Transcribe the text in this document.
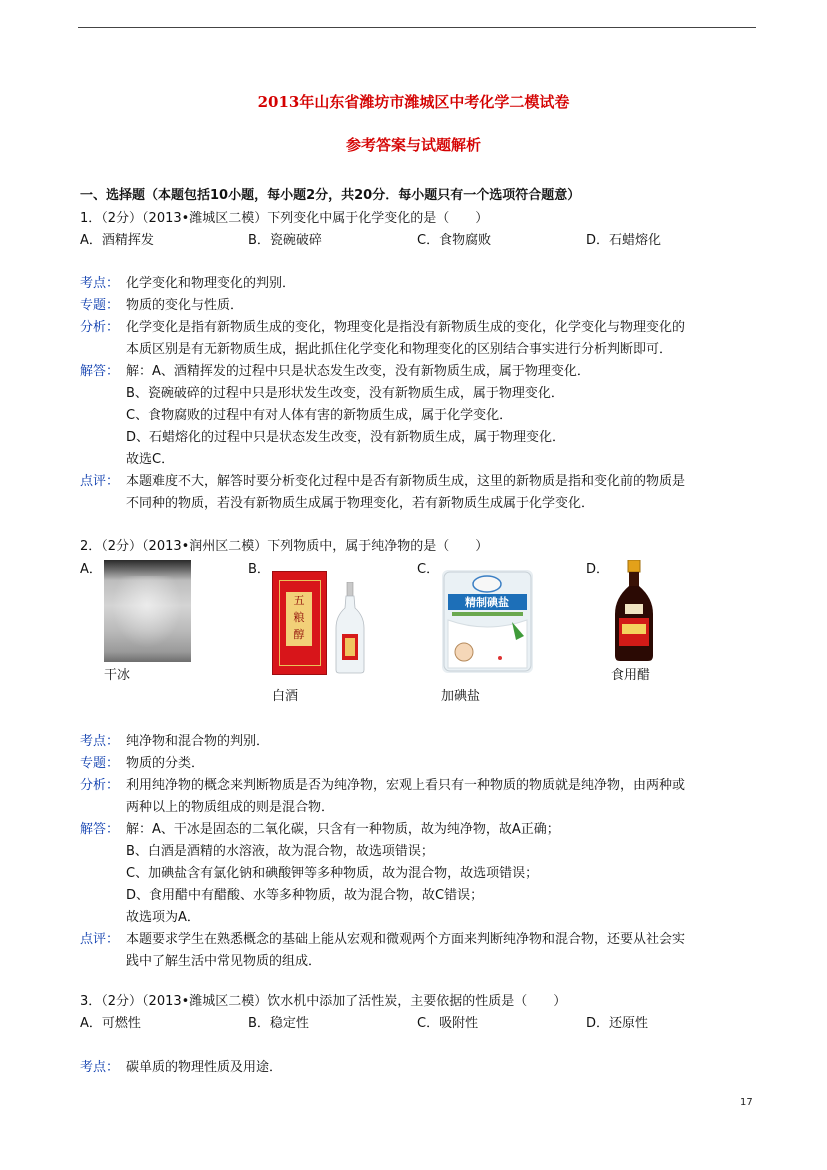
2013年山东省潍坊市潍城区中考化学二模试卷
参考答案与试题解析
一、选择题（本题包括10小题，每小题2分，共20分．每小题只有一个选项符合题意）
1．（2分）（2013•潍城区二模）下列变化中属于化学变化的是（　　）
A．酒精挥发	B．瓷碗破碎	C．食物腐败	D．石蜡熔化
考点： 化学变化和物理变化的判别．
专题： 物质的变化与性质．
分析： 化学变化是指有新物质生成的变化，物理变化是指没有新物质生成的变化，化学变化与物理变化的
本质区别是有无新物质生成，据此抓住化学变化和物理变化的区别结合事实进行分析判断即可．
解答： 解：A、酒精挥发的过程中只是状态发生改变，没有新物质生成，属于物理变化．
B、瓷碗破碎的过程中只是形状发生改变，没有新物质生成，属于物理变化．
C、食物腐败的过程中有对人体有害的新物质生成，属于化学变化．
D、石蜡熔化的过程中只是状态发生改变，没有新物质生成，属于物理变化．
故选C．
点评： 本题难度不大，解答时要分析变化过程中是否有新物质生成，这里的新物质是指和变化前的物质是
不同种的物质，若没有新物质生成属于物理变化，若有新物质生成属于化学变化．
2．（2分）（2013•润州区二模）下列物质中，属于纯净物的是（　　）
A．	B．	C．	D．
五
粮
醇
精制碘盐
干冰
白酒	加碘盐
食用醋
考点： 纯净物和混合物的判别．
专题： 物质的分类．
分析： 利用纯净物的概念来判断物质是否为纯净物，宏观上看只有一种物质的物质就是纯净物，由两种或
两种以上的物质组成的则是混合物．
解答： 解：A、干冰是固态的二氧化碳，只含有一种物质，故为纯净物，故A正确；
B、白酒是酒精的水溶液，故为混合物，故选项错误；
C、加碘盐含有氯化钠和碘酸钾等多种物质，故为混合物，故选项错误；
D、食用醋中有醋酸、水等多种物质，故为混合物，故C错误；
故选项为A．
点评： 本题要求学生在熟悉概念的基础上能从宏观和微观两个方面来判断纯净物和混合物，还要从社会实
践中了解生活中常见物质的组成．
3．（2分）（2013•潍城区二模）饮水机中添加了活性炭，主要依据的性质是（　　）
A．可燃性	B．稳定性	C．吸附性	D．还原性
考点： 碳单质的物理性质及用途．
17
